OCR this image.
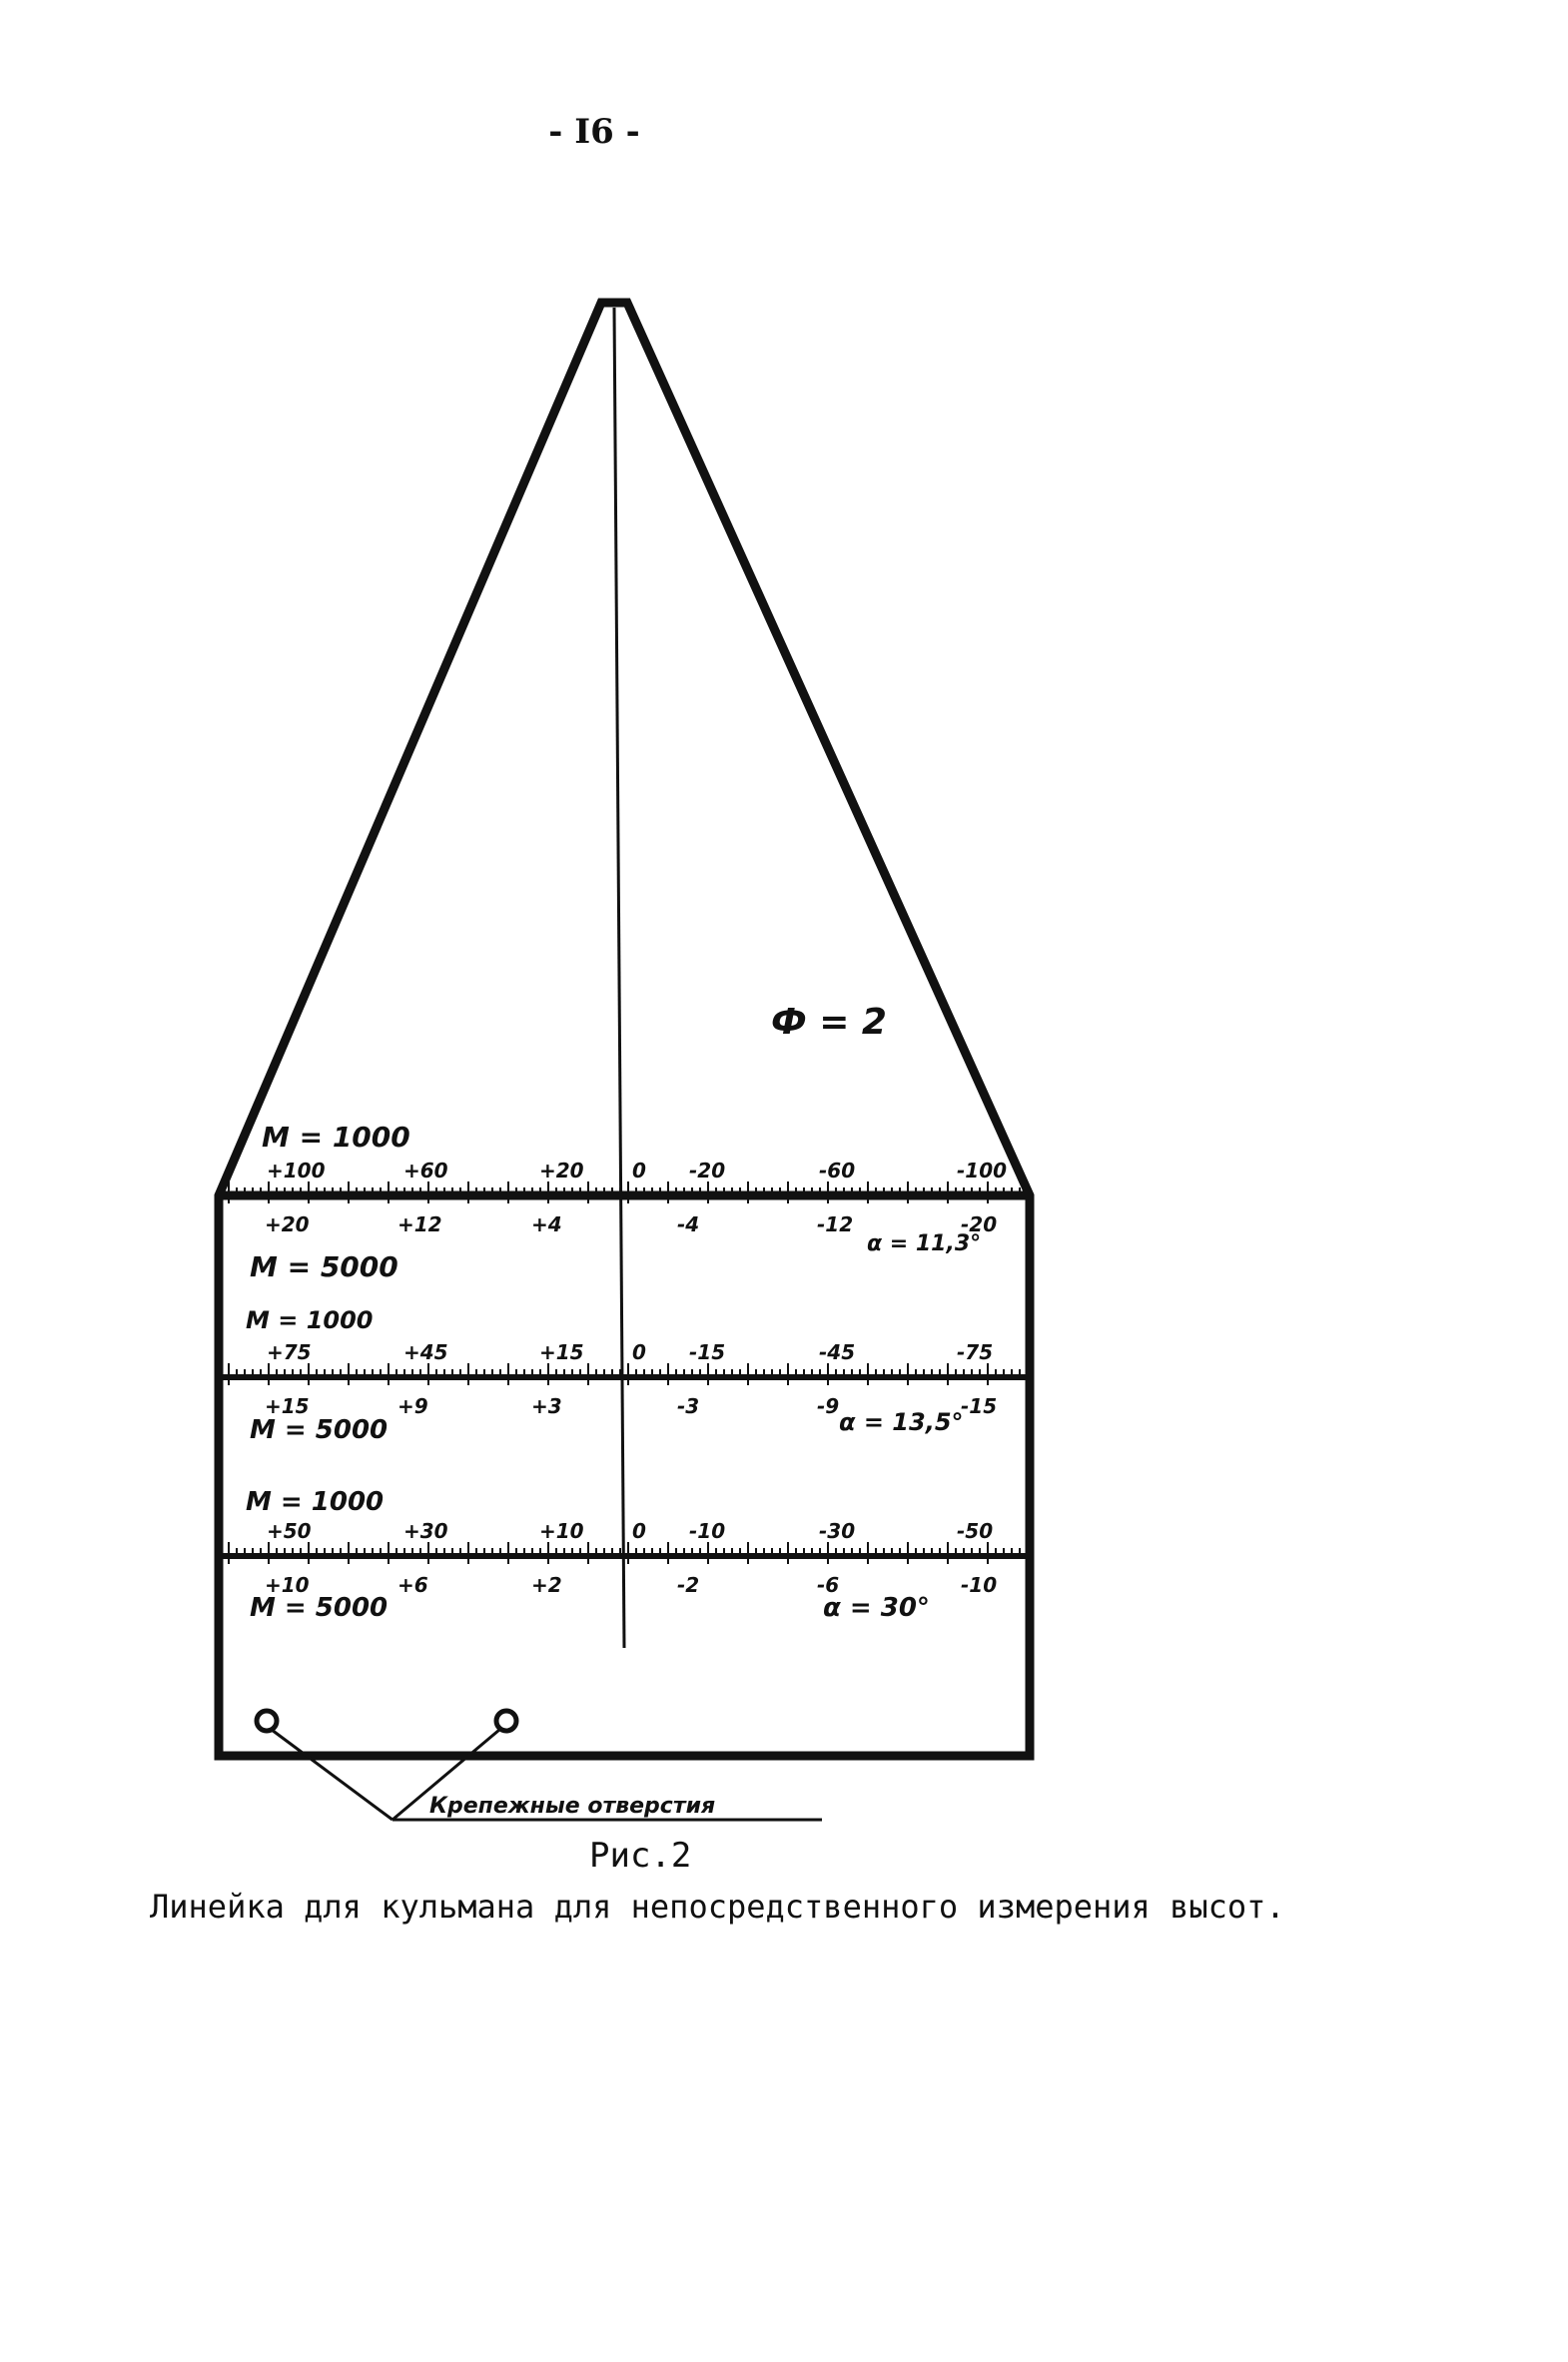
- I6 -
Ф = 2
M = 1000
+100	+60	+20 0 -20	-60	-100
+20	+12	+4	-4	-12	-20
M = 5000
α = 11,3°
M = 1000
+75	+45	+15 0 -15	-45	-75
+15	+9	+3	-3	-9	-15
M = 5000	α = 13,5°
M = 1000
+50	+30	+10 0 -10	-30	-50
+10	+6	+2	-2	-6	-10
M = 5000	α = 30°
Крепежные отверстия
Рис.2
Линейка для кульмана для непосредственного измерения высот.
